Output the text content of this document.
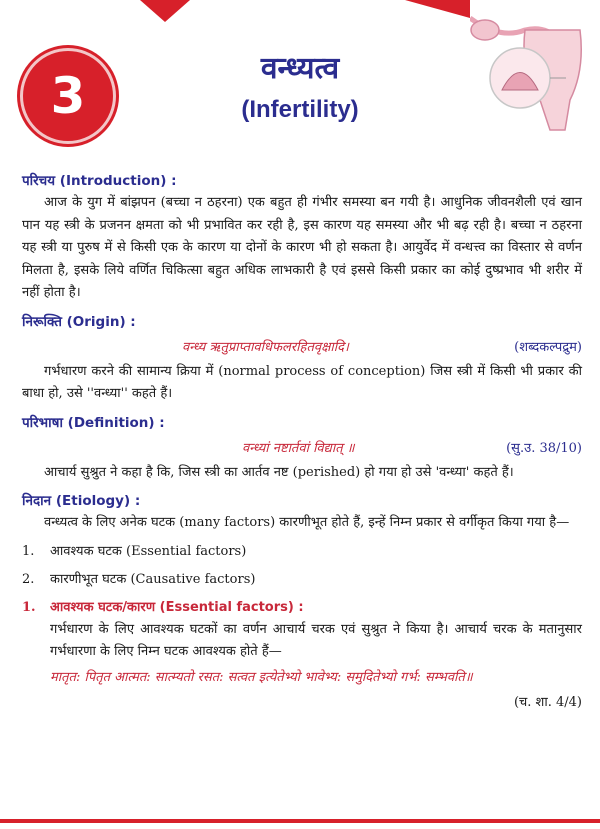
3	वन्ध्यत्व
(Infertility)
परिचय (Introduction) :

आज के युग में बांझपन (बच्चा न ठहरना) एक बहुत ही गंभीर समस्या बन गयी है। आधुनिक जीवनशैली एवं खान पान यह स्त्री के प्रजनन क्षमता को भी प्रभावित कर रही है, इस कारण यह समस्या और भी बढ़ रही है। बच्चा न ठहरना यह स्त्री या पुरुष में से किसी एक के कारण या दोनों के कारण भी हो सकता है। आयुर्वेद में वन्धत्त्व का विस्तार से वर्णन मिलता है, इसके लिये वर्णित चिकित्सा बहुत अधिक लाभकारी है एवं इससे किसी प्रकार का कोई दुष्प्रभाव भी शरीर में नहीं होता है।

निरूक्ति (Origin) :
वन्ध्य ऋतुप्राप्तावधिफलरहितवृक्षादि।	(शब्दकल्पद्रुम)

गर्भधारण करने की सामान्य क्रिया में (normal process of conception) जिस स्त्री में किसी भी प्रकार की बाधा हो, उसे ''वन्ध्या'' कहते हैं।

परिभाषा (Definition) :
वन्ध्यां नष्टार्तवां विद्यात् ॥	(सु.उ. 38/10)

आचार्य सुश्रुत ने कहा है कि, जिस स्त्री का आर्तव नष्ट (perished) हो गया हो उसे 'वन्ध्या' कहते हैं।

निदान (Etiology) :

वन्ध्यत्व के लिए अनेक घटक (many factors) कारणीभूत होते हैं, इन्हें निम्न प्रकार से वर्गीकृत किया गया है—

1.	आवश्यक घटक (Essential factors)
2.	कारणीभूत घटक (Causative factors)
1.	आवश्यक घटक/कारण (Essential factors) :

गर्भधारण के लिए आवश्यक घटकों का वर्णन आचार्य चरक एवं सुश्रुत ने किया है। आचार्य चरक के मतानुसार गर्भधारणा के लिए निम्न घटक आवश्यक होते हैं—

मातृत: पितृत आत्मत: सात्म्यतो रसत: सत्वत इत्येतेभ्यो भावेभ्य: समुदितेभ्यो गर्भ: सम्भवति॥

(च. शा. 4/4)
